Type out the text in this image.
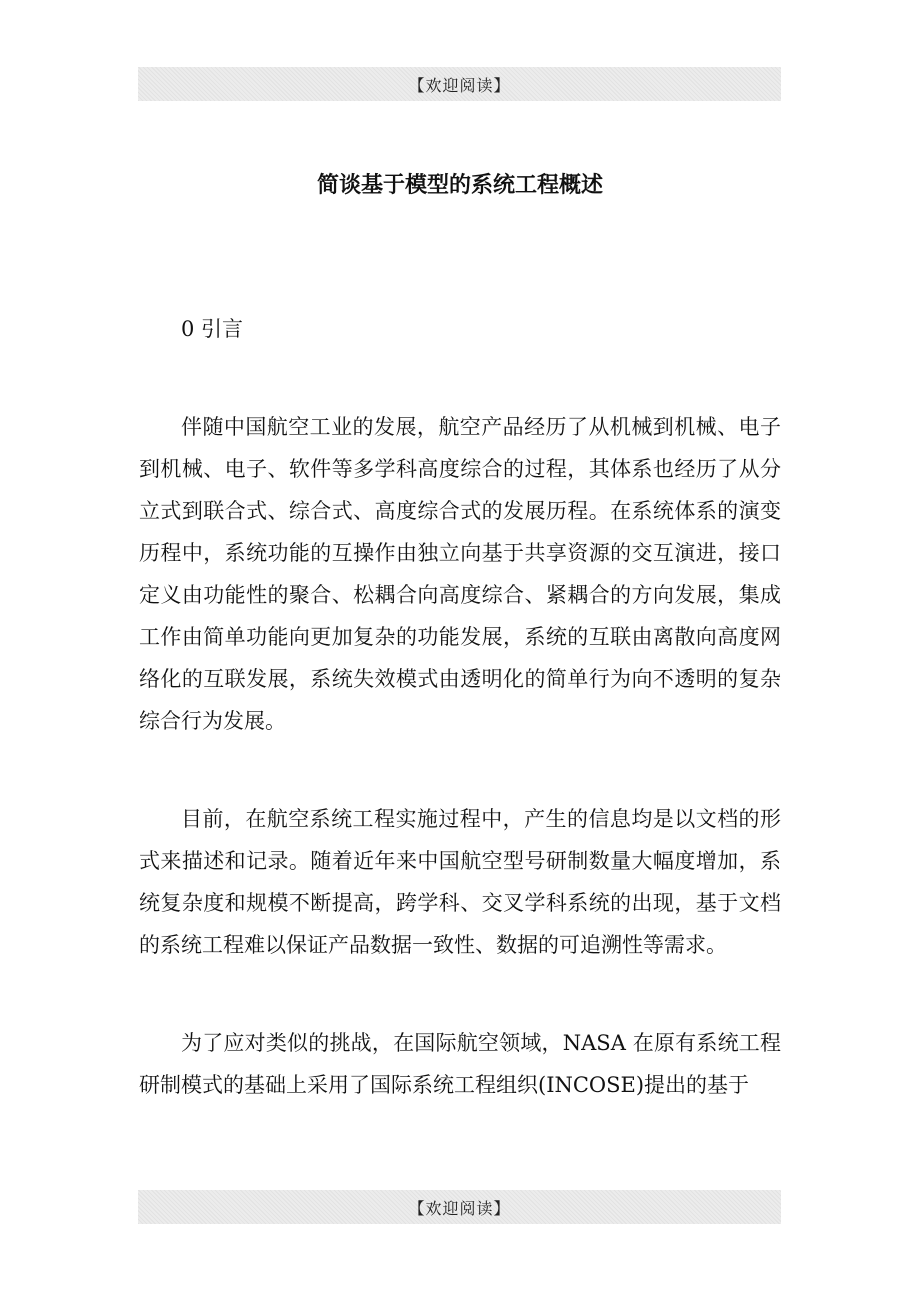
【欢迎阅读】
简谈基于模型的系统工程概述

0 引言

伴随中国航空工业的发展，航空产品经历了从机械到机械、电子到机械、电子、软件等多学科高度综合的过程，其体系也经历了从分立式到联合式、综合式、高度综合式的发展历程。在系统体系的演变历程中，系统功能的互操作由独立向基于共享资源的交互演进，接口定义由功能性的聚合、松耦合向高度综合、紧耦合的方向发展，集成工作由简单功能向更加复杂的功能发展，系统的互联由离散向高度网络化的互联发展，系统失效模式由透明化的简单行为向不透明的复杂综合行为发展。

目前，在航空系统工程实施过程中，产生的信息均是以文档的形式来描述和记录。随着近年来中国航空型号研制数量大幅度增加，系统复杂度和规模不断提高，跨学科、交叉学科系统的出现，基于文档的系统工程难以保证产品数据一致性、数据的可追溯性等需求。

为了应对类似的挑战，在国际航空领域，NASA 在原有系统工程研制模式的基础上采用了国际系统工程组织(INCOSE)提出的基于

【欢迎阅读】
